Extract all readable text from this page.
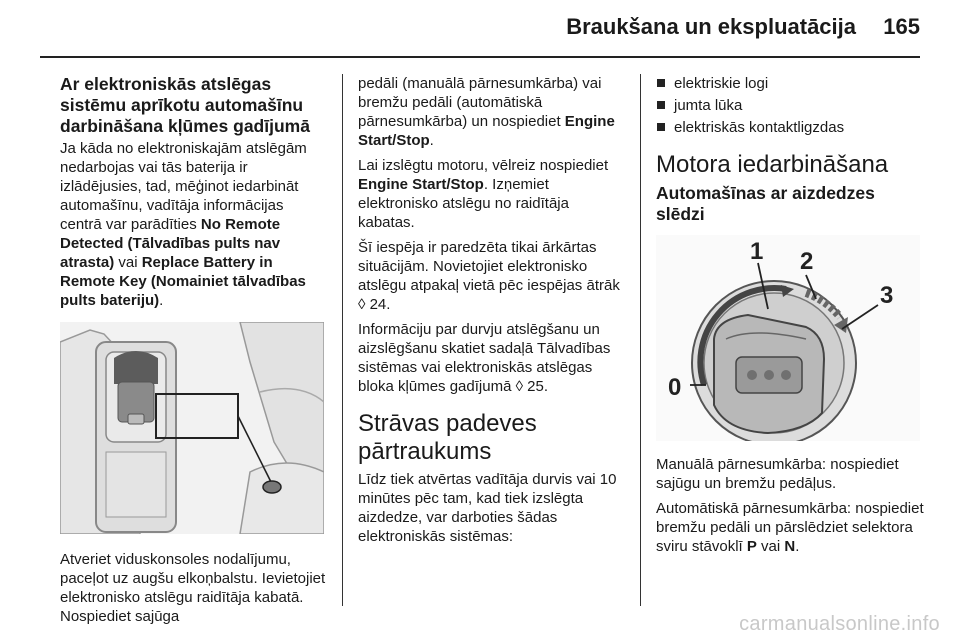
Braukšana un ekspluatācija 165
Ar elektroniskās atslēgas sistēmu aprīkotu automašīnu darbināšana kļūmes gadījumā

Ja kāda no elektroniskajām atslēgām nedarbojas vai tās baterija ir izlādējusies, tad, mēģinot iedarbināt automašīnu, vadītāja informācijas centrā var parādīties No Remote Detected (Tālvadības pults nav atrasta) vai Replace Battery in Remote Key (Nomainiet tālvadības pults bateriju).

Atveriet viduskonsoles nodalījumu, paceļot uz augšu elkoņbalstu. Ievietojiet elektronisko atslēgu raidītāja kabatā. Nospiediet sajūga

pedāli (manuālā pārnesumkārba) vai bremžu pedāli (automātiskā pārnesumkārba) un nospiediet Engine Start/Stop.

Lai izslēgtu motoru, vēlreiz nospiediet Engine Start/Stop. Izņemiet elektronisko atslēgu no raidītāja kabatas.

Šī iespēja ir paredzēta tikai ārkārtas situācijām. Novietojiet elektronisko atslēgu atpakaļ vietā pēc iespējas ātrāk ◊ 24.

Informāciju par durvju atslēgšanu un aizslēgšanu skatiet sadaļā Tālvadības sistēmas vai elektroniskās atslēgas bloka kļūmes gadījumā ◊ 25.

Strāvas padeves pārtraukums

Līdz tiek atvērtas vadītāja durvis vai 10 minūtes pēc tam, kad tiek izslēgta aizdedze, var darboties šādas elektroniskās sistēmas:

elektriskie logi
jumta lūka
elektriskās kontaktligzdas
Motora iedarbināšana
Automašīnas ar aizdedzes slēdzi
1 2
3
0

Manuālā pārnesumkārba: nospiediet sajūgu un bremžu pedāļus.

Automātiskā pārnesumkārba: nospiediet bremžu pedāli un pārslēdziet selektora sviru stāvoklī P vai N.

carmanualsonline.info
